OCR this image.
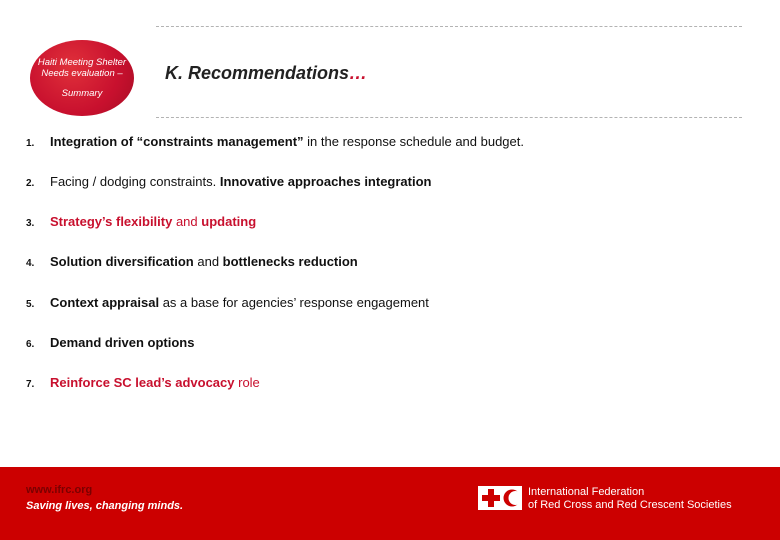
Haiti Meeting Shelter
Needs evaluation –
Summary
K. Recommendations…
1. Integration of “constraints management” in the response schedule and budget.
2. Facing / dodging constraints. Innovative approaches integration
3. Strategy’s flexibility and updating
4. Solution diversification and bottlenecks reduction
5. Context appraisal as a base for agencies’ response engagement
6. Demand driven options
7. Reinforce SC lead’s advocacy role
www.ifrc.org
Saving lives, changing minds.
International Federation
of Red Cross and Red Crescent Societies
